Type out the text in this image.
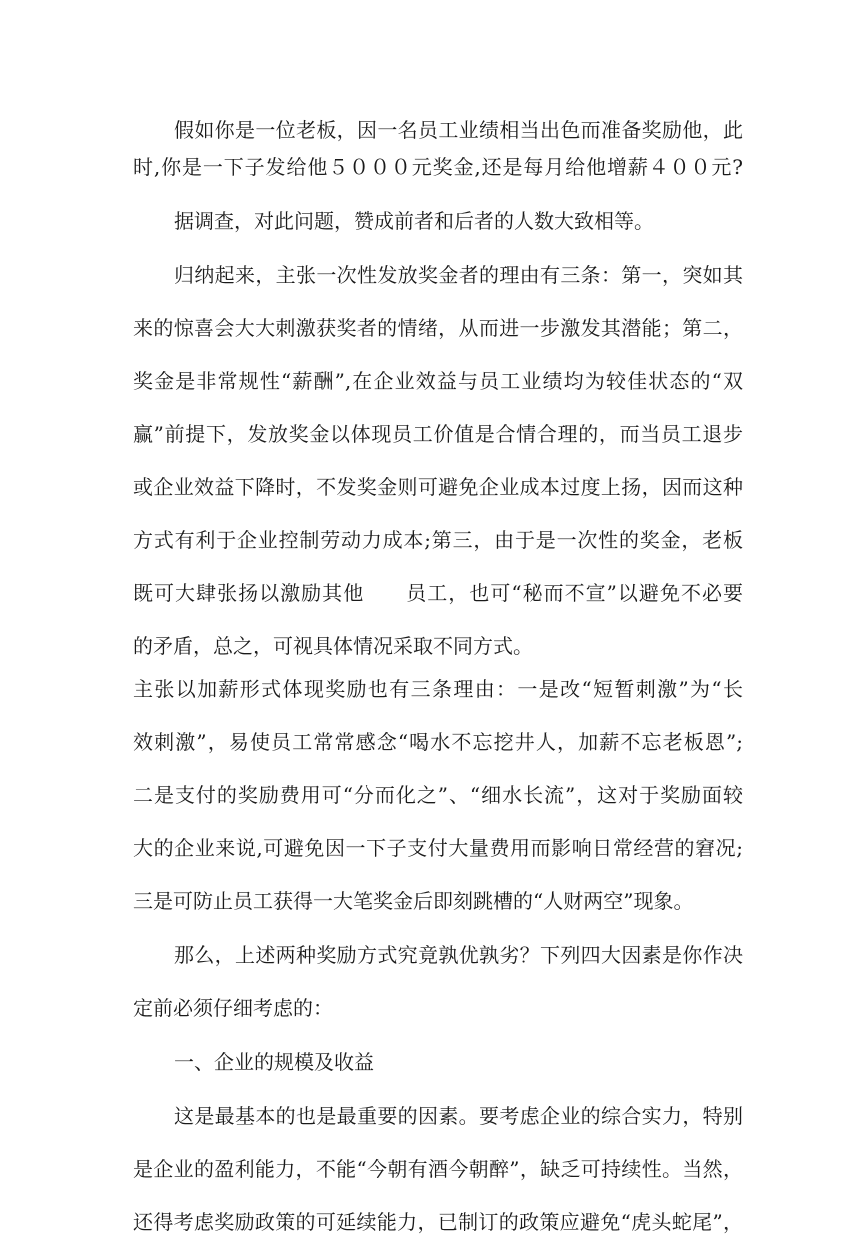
假如你是一位老板，因一名员工业绩相当出色而准备奖励他，此
时,你是一下子发给他５０００元奖金,还是每月给他增薪４００元?
据调查，对此问题，赞成前者和后者的人数大致相等。
归纳起来，主张一次性发放奖金者的理由有三条：第一，突如其
来的惊喜会大大刺激获奖者的情绪，从而进一步激发其潜能；第二，
奖金是非常规性“薪酬”,在企业效益与员工业绩均为较佳状态的“双
赢”前提下，发放奖金以体现员工价值是合情合理的，而当员工退步
或企业效益下降时，不发奖金则可避免企业成本过度上扬，因而这种
方式有利于企业控制劳动力成本;第三，由于是一次性的奖金，老板
既可大肆张扬以激励其他　　员工，也可“秘而不宣”以避免不必要
的矛盾，总之，可视具体情况采取不同方式。
主张以加薪形式体现奖励也有三条理由：一是改“短暂刺激”为“长
效刺激”，易使员工常常感念“喝水不忘挖井人，加薪不忘老板恩”;
二是支付的奖励费用可“分而化之”、“细水长流”，这对于奖励面较
大的企业来说,可避免因一下子支付大量费用而影响日常经营的窘况;
三是可防止员工获得一大笔奖金后即刻跳槽的“人财两空”现象。
那么，上述两种奖励方式究竟孰优孰劣？下列四大因素是你作决
定前必须仔细考虑的：
一、企业的规模及收益
这是最基本的也是最重要的因素。要考虑企业的综合实力，特别
是企业的盈利能力，不能“今朝有酒今朝醉”，缺乏可持续性。当然，
还得考虑奖励政策的可延续能力，已制订的政策应避免“虎头蛇尾”，
